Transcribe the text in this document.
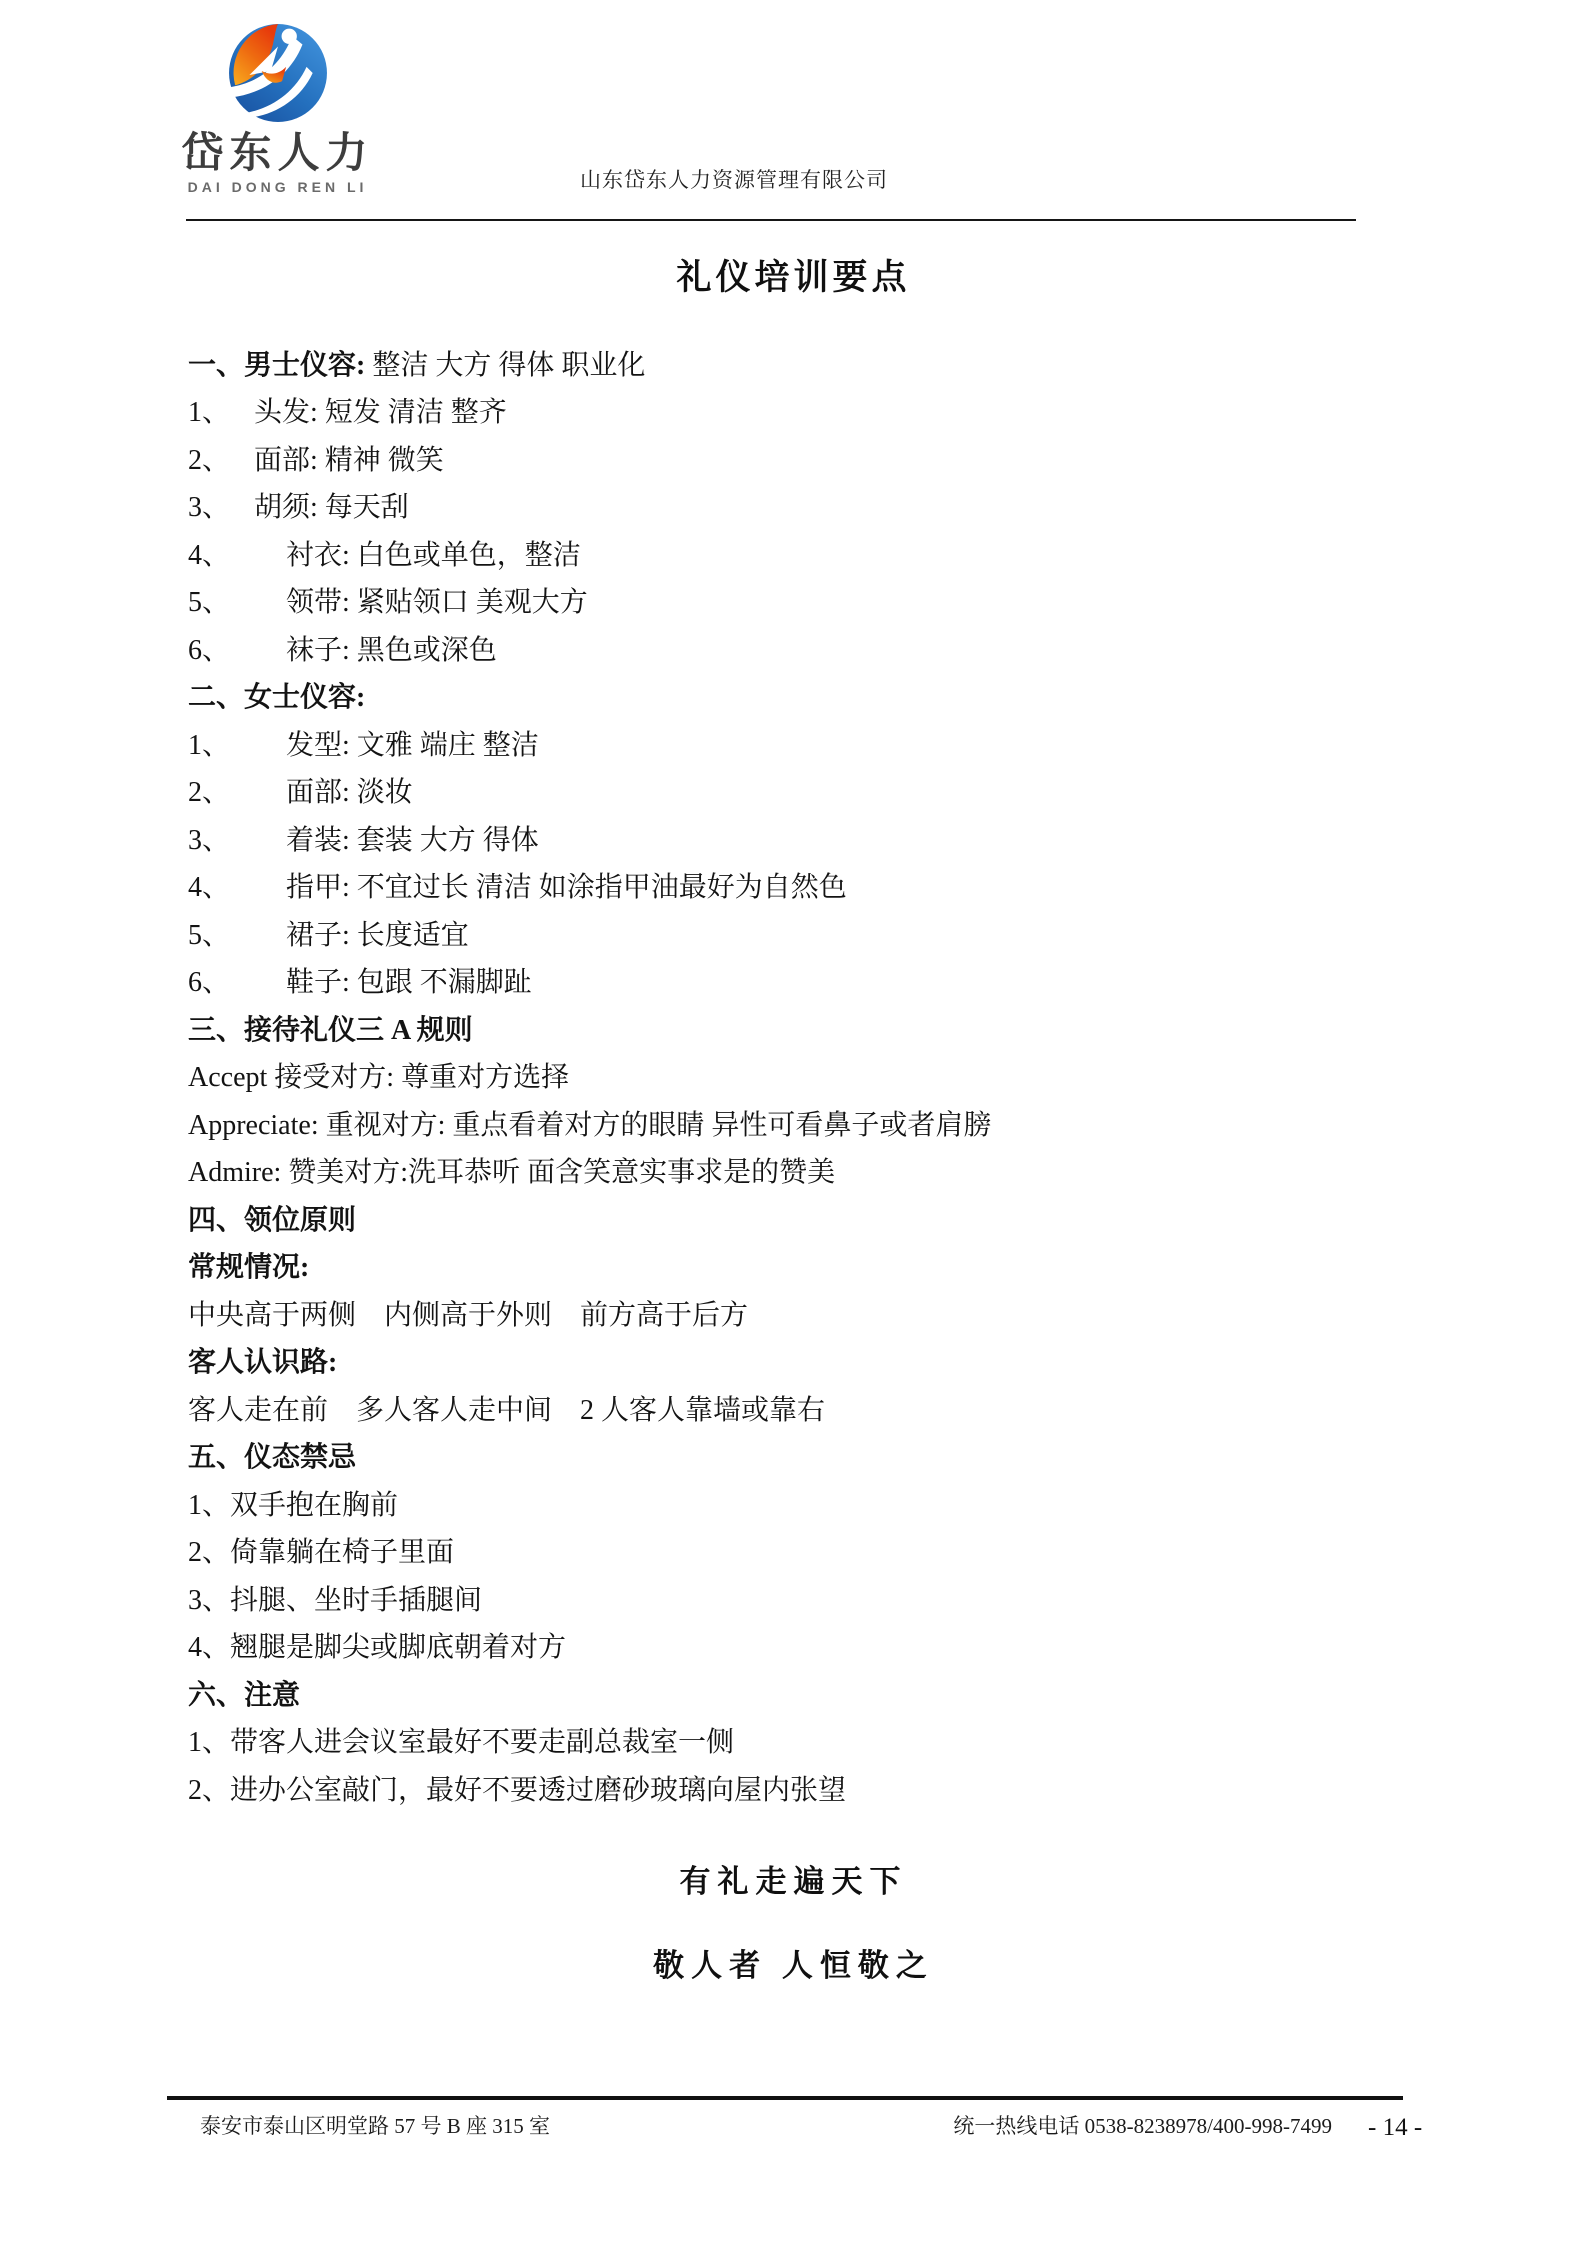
岱东人力
DAI DONG REN LI	山东岱东人力资源管理有限公司
礼仪培训要点
一、男士仪容: 整洁 大方 得体 职业化
1、 头发: 短发 清洁 整齐
2、 面部: 精神 微笑
3、 胡须: 每天刮
4、	衬衣: 白色或单色，整洁
5、	领带: 紧贴领口 美观大方
6、	袜子: 黑色或深色
二、女士仪容:
1、	发型: 文雅 端庄 整洁
2、	面部: 淡妆
3、	着装: 套装 大方 得体
4、	指甲: 不宜过长 清洁 如涂指甲油最好为自然色
5、	裙子: 长度适宜
6、	鞋子: 包跟 不漏脚趾
三、接待礼仪三 A 规则
Accept 接受对方: 尊重对方选择
Appreciate: 重视对方: 重点看着对方的眼睛 异性可看鼻子或者肩膀
Admire: 赞美对方:洗耳恭听 面含笑意实事求是的赞美
四、领位原则
常规情况:
中央高于两侧　内侧高于外则　前方高于后方
客人认识路:
客人走在前　多人客人走中间　2 人客人靠墙或靠右
五、仪态禁忌
1、双手抱在胸前
2、倚靠躺在椅子里面
3、抖腿、坐时手插腿间
4、翘腿是脚尖或脚底朝着对方
六、注意
1、带客人进会议室最好不要走副总裁室一侧
2、进办公室敲门，最好不要透过磨砂玻璃向屋内张望
有礼走遍天下
敬人者 人恒敬之
泰安市泰山区明堂路 57 号 B 座 315 室	统一热线电话 0538-8238978/400-998-7499 - 14 -
